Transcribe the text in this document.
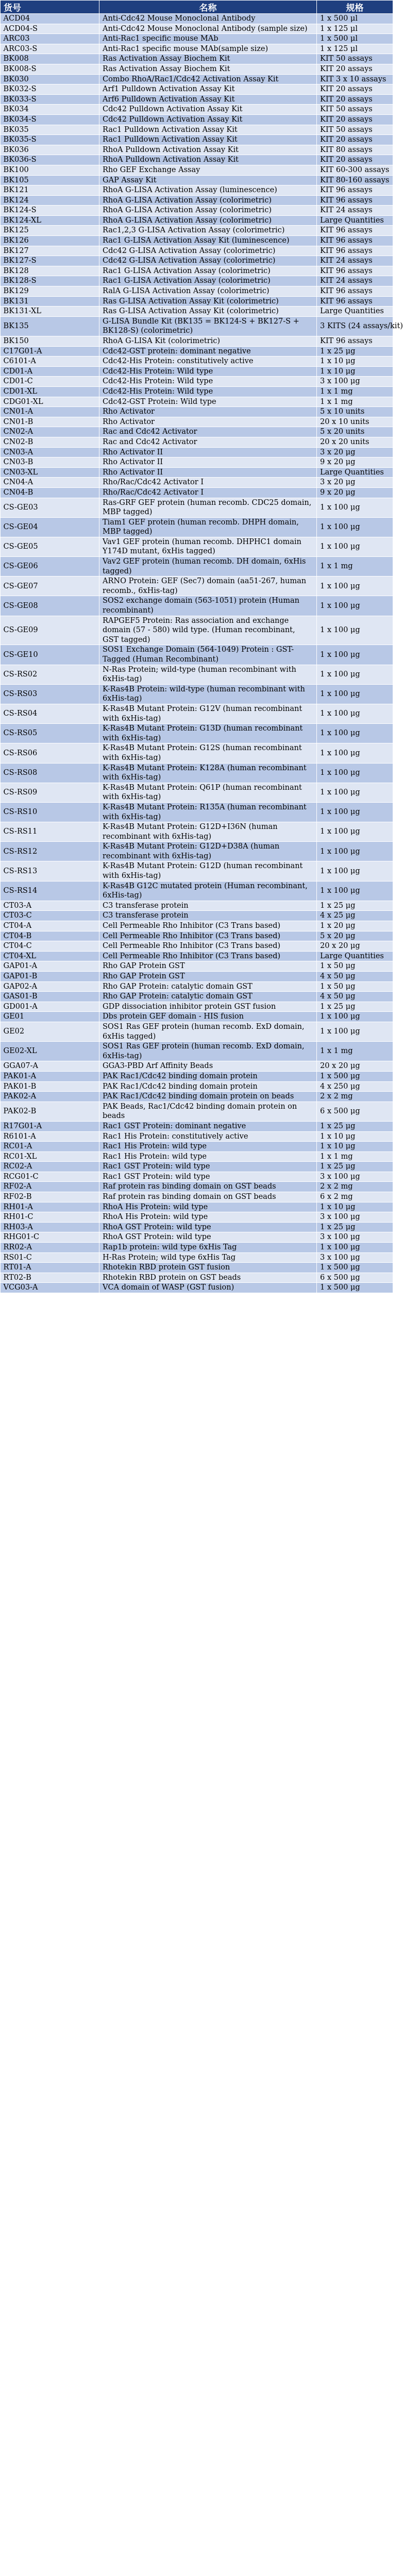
货号	名称	规格
ACD04	Anti-Cdc42 Mouse Monoclonal Antibody	1 x 500 μl
ACD04-S	Anti-Cdc42 Mouse Monoclonal Antibody (sample size)	1 x 125 μl
ARC03	Anti-Rac1 specific mouse MAb	1 x 500 μl
ARC03-S	Anti-Rac1 specific mouse MAb(sample size)	1 x 125 μl
BK008	Ras Activation Assay Biochem Kit	KIT 50 assays
BK008-S	Ras Activation Assay Biochem Kit	KIT 20 assays
BK030	Combo RhoA/Rac1/Cdc42 Activation Assay Kit	KIT 3 x 10 assays
BK032-S	Arf1 Pulldown Activation Assay Kit	KIT 20 assays
BK033-S	Arf6 Pulldown Activation Assay Kit	KIT 20 assays
BK034	Cdc42 Pulldown Activation Assay Kit	KIT 50 assays
BK034-S	Cdc42 Pulldown Activation Assay Kit	KIT 20 assays
BK035	Rac1 Pulldown Activation Assay Kit	KIT 50 assays
BK035-S	Rac1 Pulldown Activation Assay Kit	KIT 20 assays
BK036	RhoA Pulldown Activation Assay Kit	KIT 80 assays
BK036-S	RhoA Pulldown Activation Assay Kit	KIT 20 assays
BK100	Rho GEF Exchange Assay	KIT 60-300 assays
BK105	GAP Assay Kit	KIT 80-160 assays
BK121	RhoA G-LISA Activation Assay (luminescence)	KIT 96 assays
BK124	RhoA G-LISA Activation Assay (colorimetric)	KIT 96 assays
BK124-S	RhoA G-LISA Activation Assay (colorimetric)	KIT 24 assays
BK124-XL	RhoA G-LISA Activation Assay (colorimetric)	Large Quantities
BK125	Rac1,2,3 G-LISA Activation Assay (colorimetric)	KIT 96 assays
BK126	Rac1 G-LISA Activation Assay Kit (luminescence)	KIT 96 assays
BK127	Cdc42 G-LISA Activation Assay (colorimetric)	KIT 96 assays
BK127-S	Cdc42 G-LISA Activation Assay (colorimetric)	KIT 24 assays
BK128	Rac1 G-LISA Activation Assay (colorimetric)	KIT 96 assays
BK128-S	Rac1 G-LISA Activation Assay (colorimetric)	KIT 24 assays
BK129	RalA G-LISA Activation Assay (colorimetric)	KIT 96 assays
BK131	Ras G-LISA Activation Assay Kit (colorimetric)	KIT 96 assays
BK131-XL	Ras G-LISA Activation Assay Kit (colorimetric)	Large Quantities
BK135	G-LISA Bundle Kit (BK135 = BK124-S + BK127-S + BK128-S) (colorimetric)	3 KITS (24 assays/kit)
BK150	RhoA G-LISA Kit (colorimetric)	KIT 96 assays
C17G01-A	Cdc42-GST protein: dominant negative	1 x 25 μg
C6101-A	Cdc42-His Protein: constitutively active	1 x 10 μg
CD01-A	Cdc42-His Protein: Wild type	1 x 10 μg
CD01-C	Cdc42-His Protein: Wild type	3 x 100 μg
CD01-XL	Cdc42-His Protein: Wild type	1 x 1 mg
CDG01-XL	Cdc42-GST Protein: Wild type	1 x 1 mg
CN01-A	Rho Activator	5 x 10 units
CN01-B	Rho Activator	20 x 10 units
CN02-A	Rac and Cdc42 Activator	5 x 20 units
CN02-B	Rac and Cdc42 Activator	20 x 20 units
CN03-A	Rho Activator II	3 x 20 μg
CN03-B	Rho Activator II	9 x 20 μg
CN03-XL	Rho Activator II	Large Quantities
CN04-A	Rho/Rac/Cdc42 Activator I	3 x 20 μg
CN04-B	Rho/Rac/Cdc42 Activator I	9 x 20 μg
CS-GE03	Ras-GRF GEF protein (human recomb. CDC25 domain, MBP tagged)	1 x 100 μg
CS-GE04	Tiam1 GEF protein (human recomb. DHPH domain, MBP tagged)	1 x 100 μg
CS-GE05	Vav1 GEF protein (human recomb. DHPHC1 domain Y174D mutant, 6xHis tagged)	1 x 100 μg
CS-GE06	Vav2 GEF protein (human recomb. DH domain, 6xHis tagged)	1 x 1 mg
CS-GE07	ARNO Protein: GEF (Sec7) domain (aa51-267, human recomb., 6xHis-tag)	1 x 100 μg
CS-GE08	SOS2 exchange domain (563-1051) protein (Human recombinant)	1 x 100 μg
CS-GE09	RAPGEF5 Protein: Ras association and exchange domain (57 - 580) wild type. (Human recombinant, GST tagged)	1 x 100 μg
CS-GE10	SOS1 Exchange Domain (564-1049) Protein : GST-Tagged (Human Recombinant)	1 x 100 μg
CS-RS02	N-Ras Protein; wild-type (human recombinant with 6xHis-tag)	1 x 100 μg
CS-RS03	K-Ras4B Protein: wild-type (human recombinant with 6xHis-tag)	1 x 100 μg
CS-RS04	K-Ras4B Mutant Protein: G12V (human recombinant with 6xHis-tag)	1 x 100 μg
CS-RS05	K-Ras4B Mutant Protein: G13D (human recombinant with 6xHis-tag)	1 x 100 μg
CS-RS06	K-Ras4B Mutant Protein: G12S (human recombinant with 6xHis-tag)	1 x 100 μg
CS-RS08	K-Ras4B Mutant Protein: K128A (human recombinant with 6xHis-tag)	1 x 100 μg
CS-RS09	K-Ras4B Mutant Protein: Q61P (human recombinant with 6xHis-tag)	1 x 100 μg
CS-RS10	K-Ras4B Mutant Protein: R135A (human recombinant with 6xHis-tag)	1 x 100 μg
CS-RS11	K-Ras4B Mutant Protein: G12D+I36N (human recombinant with 6xHis-tag)	1 x 100 μg
CS-RS12	K-Ras4B Mutant Protein: G12D+D38A (human recombinant with 6xHis-tag)	1 x 100 μg
CS-RS13	K-Ras4B Mutant Protein: G12D (human recombinant with 6xHis-tag)	1 x 100 μg
CS-RS14	K-Ras4B G12C mutated protein (Human recombinant, 6xHis-tag)	1 x 100 μg
CT03-A	C3 transferase protein	1 x 25 μg
CT03-C	C3 transferase protein	4 x 25 μg
CT04-A	Cell Permeable Rho Inhibitor (C3 Trans based)	1 x 20 μg
CT04-B	Cell Permeable Rho Inhibitor (C3 Trans based)	5 x 20 μg
CT04-C	Cell Permeable Rho Inhibitor (C3 Trans based)	20 x 20 μg
CT04-XL	Cell Permeable Rho Inhibitor (C3 Trans based)	Large Quantities
GAP01-A	Rho GAP Protein GST	1 x 50 μg
GAP01-B	Rho GAP Protein GST	4 x 50 μg
GAP02-A	Rho GAP Protein: catalytic domain GST	1 x 50 μg
GAS01-B	Rho GAP Protein: catalytic domain GST	4 x 50 μg
GD001-A	GDP dissociation inhibitor protein GST fusion	1 x 25 μg
GE01	Dbs protein GEF domain - HIS fusion	1 x 100 μg
GE02	SOS1 Ras GEF protein (human recomb. ExD domain, 6xHis tagged)	1 x 100 μg
GE02-XL	SOS1 Ras GEF protein (human recomb. ExD domain, 6xHis-tag)	1 x 1 mg
GGA07-A	GGA3-PBD Arf Affinity Beads	20 x 20 μg
PAK01-A	PAK Rac1/Cdc42 binding domain protein	1 x 500 μg
PAK01-B	PAK Rac1/Cdc42 binding domain protein	4 x 250 μg
PAK02-A	PAK Rac1/Cdc42 binding domain protein on beads	2 x 2 mg
PAK02-B	PAK Beads, Rac1/Cdc42 binding domain protein on beads	6 x 500 μg
R17G01-A	Rac1 GST Protein: dominant negative	1 x 25 μg
R6101-A	Rac1 His Protein: constitutively active	1 x 10 μg
RC01-A	Rac1 His Protein: wild type	1 x 10 μg
RC01-XL	Rac1 His Protein: wild type	1 x 1 mg
RC02-A	Rac1 GST Protein: wild type	1 x 25 μg
RCG01-C	Rac1 GST Protein: wild type	3 x 100 μg
RF02-A	Raf protein ras binding domain on GST beads	2 x 2 mg
RF02-B	Raf protein ras binding domain on GST beads	6 x 2 mg
RH01-A	RhoA His Protein: wild type	1 x 10 μg
RH01-C	RhoA His Protein: wild type	3 x 100 μg
RH03-A	RhoA GST Protein: wild type	1 x 25 μg
RHG01-C	RhoA GST Protein: wild type	3 x 100 μg
RR02-A	Rap1b protein: wild type 6xHis Tag	1 x 100 μg
RS01-C	H-Ras Protein; wild type 6xHis Tag	3 x 100 μg
RT01-A	Rhotekin RBD protein GST fusion	1 x 500 μg
RT02-B	Rhotekin RBD protein on GST beads	6 x 500 μg
VCG03-A	VCA domain of WASP (GST fusion)	1 x 500 μg
